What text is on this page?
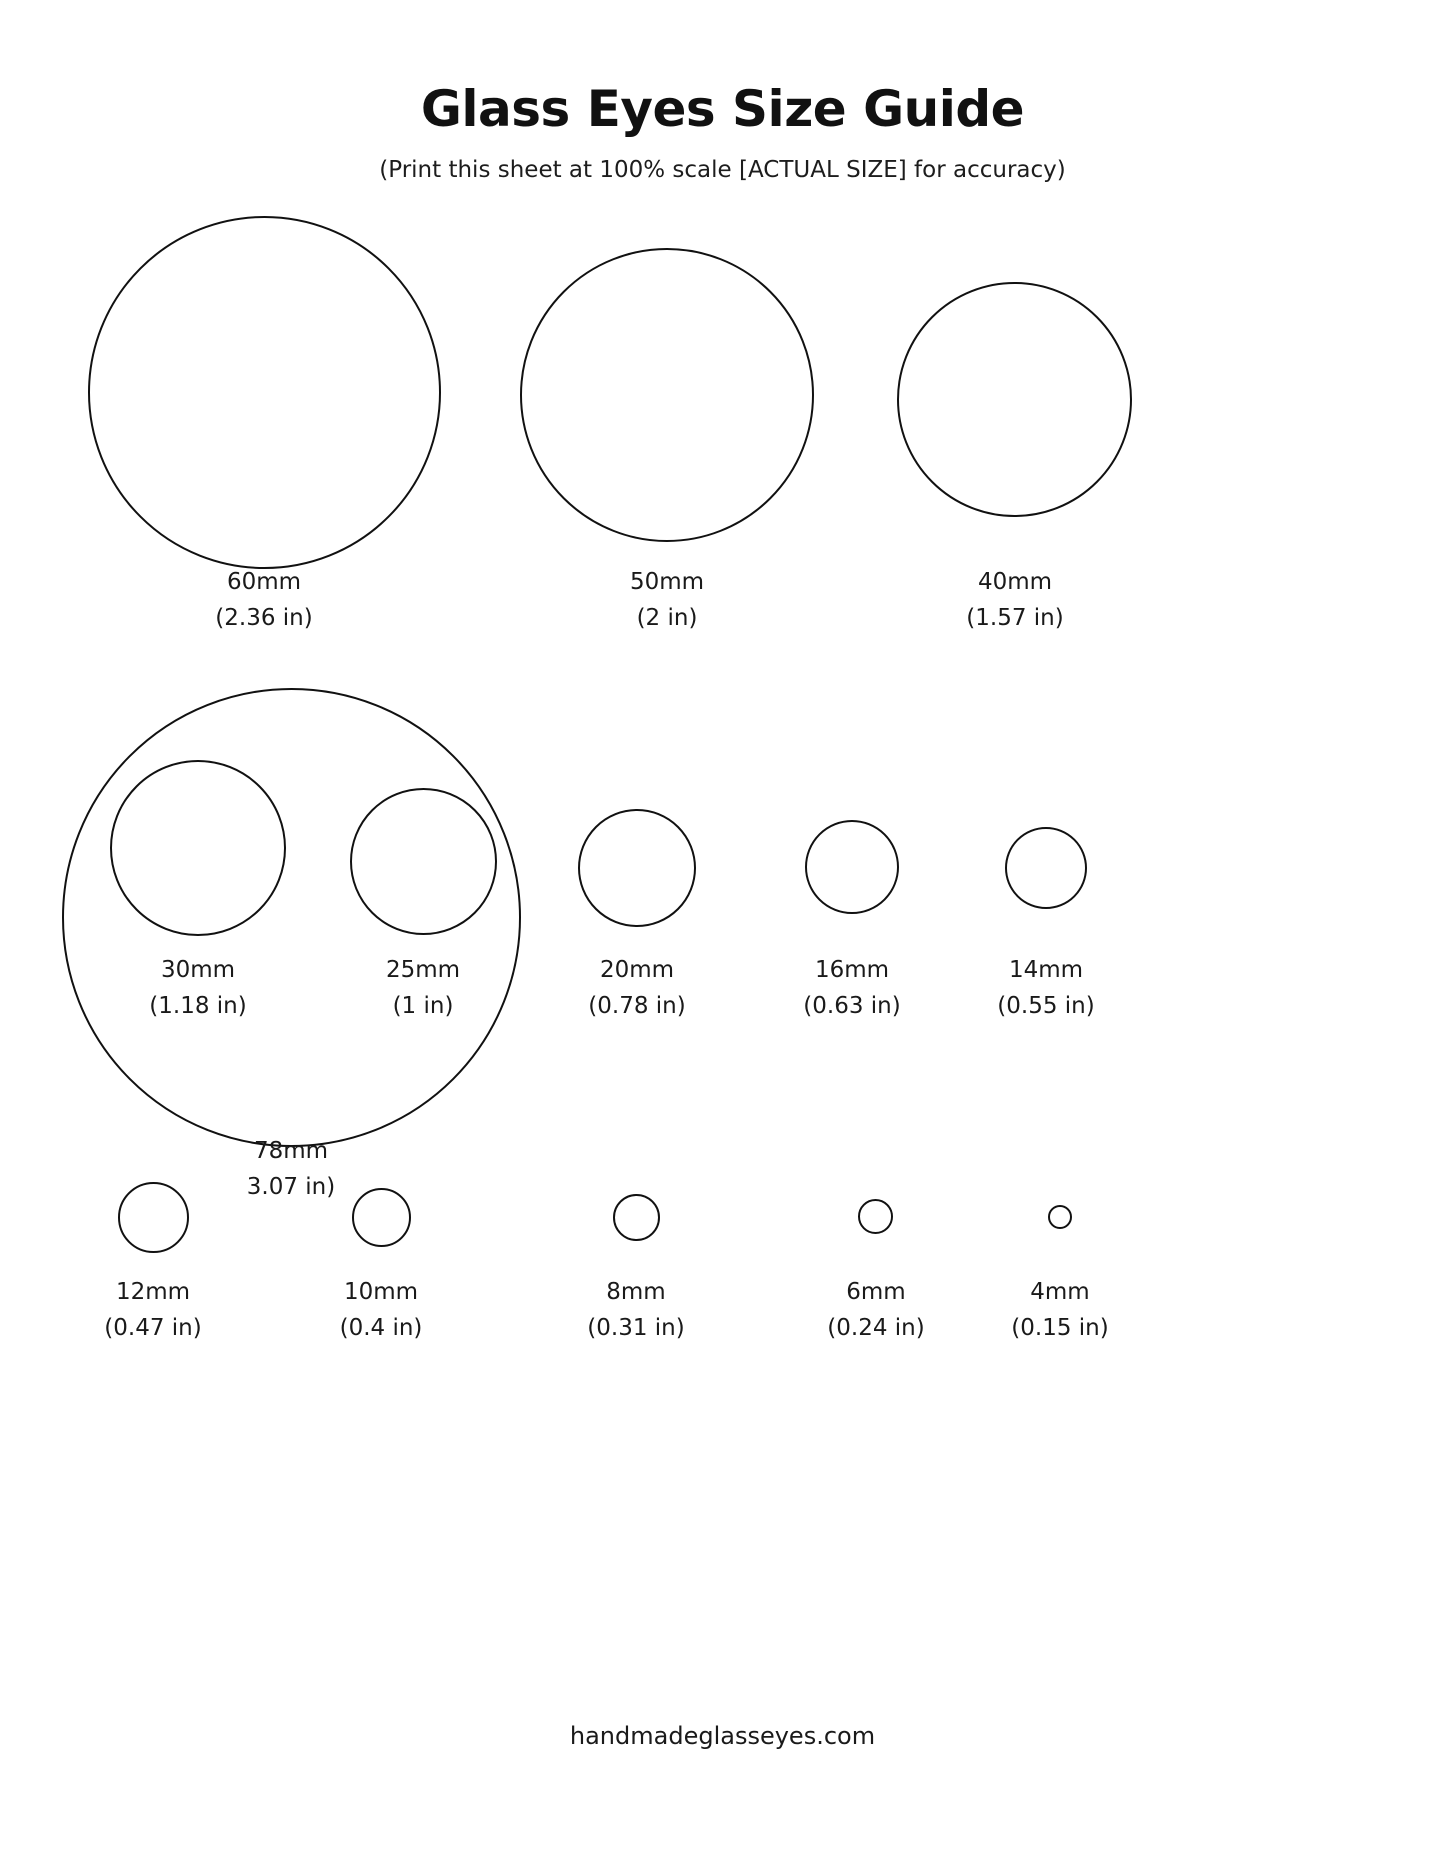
Glass Eyes Size Guide
(Print this sheet at 100% scale [ACTUAL SIZE] for accuracy)
60mm
(2.36 in)
50mm
(2 in)
40mm
(1.57 in)
30mm
(1.18 in)
25mm
(1 in)
78mm
3.07 in)
20mm
(0.78 in)
16mm
(0.63 in)
14mm
(0.55 in)
12mm
(0.47 in)
10mm
(0.4 in)
8mm
(0.31 in)
6mm
(0.24 in)
4mm
(0.15 in)
handmadeglasseyes.com
